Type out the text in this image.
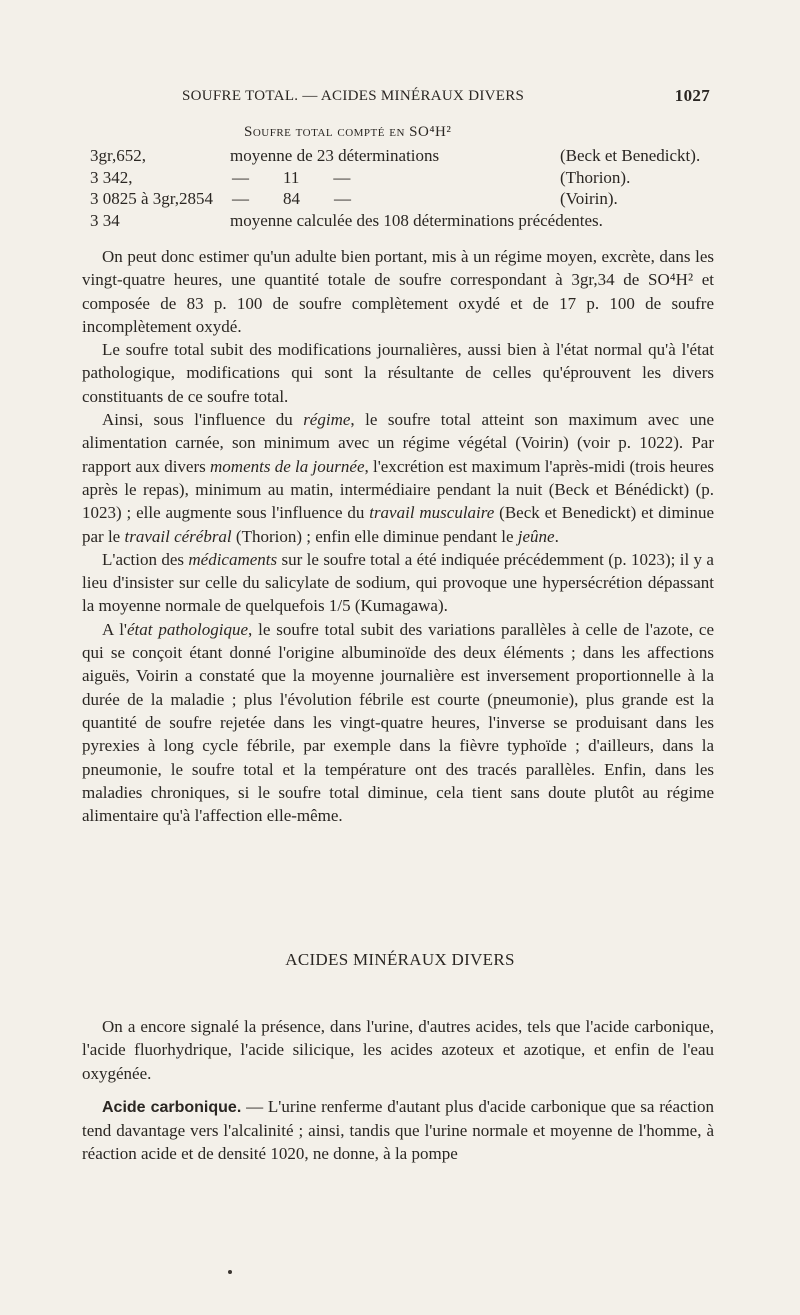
SOUFRE TOTAL. — ACIDES MINÉRAUX DIVERS	1027
Soufre total compté en SO⁴H²
3gr,652,	moyenne de 23 déterminations	(Beck et Benedickt).
3 342,	—        11        —	(Thorion).
3 0825 à 3gr,2854 —        84        —	(Voirin).
3 34	moyenne calculée des 108 déterminations précédentes.

On peut donc estimer qu'un adulte bien portant, mis à un régime moyen, excrète, dans les vingt-quatre heures, une quantité totale de soufre correspondant à 3gr,34 de SO⁴H² et composée de 83 p. 100 de soufre complètement oxydé et de 17 p. 100 de soufre incomplètement oxydé.

Le soufre total subit des modifications journalières, aussi bien à l'état normal qu'à l'état pathologique, modifications qui sont la résultante de celles qu'éprouvent les divers constituants de ce soufre total.

Ainsi, sous l'influence du régime, le soufre total atteint son maximum avec une alimentation carnée, son minimum avec un régime végétal (Voirin) (voir p. 1022). Par rapport aux divers moments de la journée, l'excrétion est maximum l'après-midi (trois heures après le repas), minimum au matin, intermédiaire pendant la nuit (Beck et Bénédickt) (p. 1023) ; elle augmente sous l'influence du travail musculaire (Beck et Benedickt) et diminue par le travail cérébral (Thorion) ; enfin elle diminue pendant le jeûne.

L'action des médicaments sur le soufre total a été indiquée précédemment (p. 1023); il y a lieu d'insister sur celle du salicylate de sodium, qui provoque une hypersécrétion dépassant la moyenne normale de quelquefois 1/5 (Kumagawa).

A l'état pathologique, le soufre total subit des variations parallèles à celle de l'azote, ce qui se conçoit étant donné l'origine albuminoïde des deux éléments ; dans les affections aiguës, Voirin a constaté que la moyenne journalière est inversement proportionnelle à la durée de la maladie ; plus l'évolution fébrile est courte (pneumonie), plus grande est la quantité de soufre rejetée dans les vingt-quatre heures, l'inverse se produisant dans les pyrexies à long cycle fébrile, par exemple dans la fièvre typhoïde ; d'ailleurs, dans la pneumonie, le soufre total et la température ont des tracés parallèles. Enfin, dans les maladies chroniques, si le soufre total diminue, cela tient sans doute plutôt au régime alimentaire qu'à l'affection elle-même.

ACIDES MINÉRAUX DIVERS

On a encore signalé la présence, dans l'urine, d'autres acides, tels que l'acide carbonique, l'acide fluorhydrique, l'acide silicique, les acides azoteux et azotique, et enfin de l'eau oxygénée.

Acide carbonique. — L'urine renferme d'autant plus d'acide carbonique que sa réaction tend davantage vers l'alcalinité ; ainsi, tandis que l'urine normale et moyenne de l'homme, à réaction acide et de densité 1020, ne donne, à la pompe
